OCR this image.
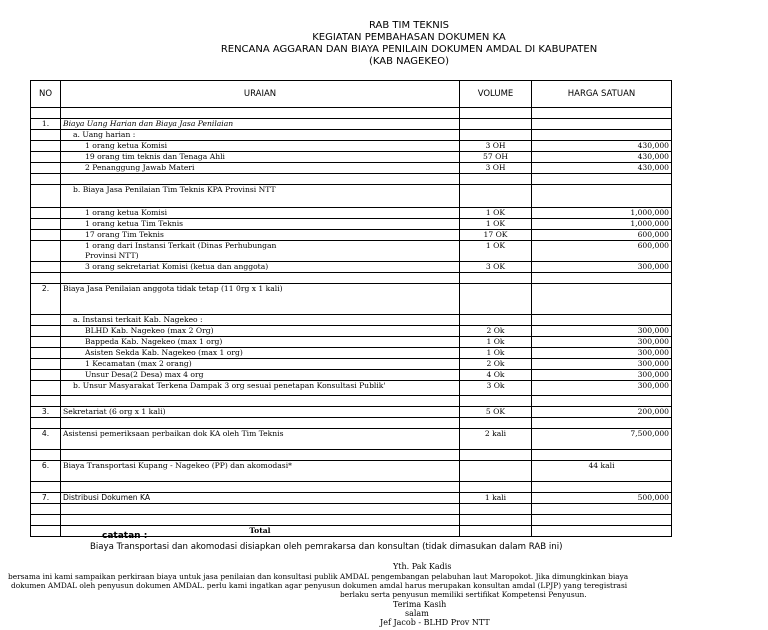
RAB TIM TEKNIS
KEGIATAN PEMBAHASAN DOKUMEN KA
RENCANA AGGARAN DAN BIAYA PENILAIN DOKUMEN AMDAL DI KABUPATEN
(KAB NAGEKEO)
NO	URAIAN	VOLUME	HARGA SATUAN

1.	Biaya Uang Harian dan Biaya Jasa Penilaian		
	a. Uang harian :		
	1 orang ketua Komisi	3 OH	430,000
	19 orang tim teknis dan Tenaga Ahli	57 OH	430,000
	2 Penanggung Jawab Materi	3 OH	430,000

	b. Biaya Jasa Penilaian Tim Teknis KPA Provinsi NTT		
	1 orang ketua Komisi	1 OK	1,000,000
	1 orang ketua Tim Teknis	1 OK	1,000,000
	17 orang Tim Teknis	17 OK	600,000

	1 orang dari Instansi Terkait (Dinas Perhubungan
Provinsi NTT)	1 OK	600,000
	3 orang sekretariat Komisi (ketua dan anggota)	3 OK	300,000

2.	Biaya Jasa Penilaian anggota tidak tetap (11 0rg x 1 kali)		
	a. Instansi terkait Kab. Nagekeo :		
	BLHD Kab. Nagekeo (max 2 Org)	2 Ok	300,000
	Bappeda Kab. Nagekeo (max 1 org)	1 Ok	300,000
	Asisten Sekda Kab. Nagekeo (max 1 org)	1 Ok	300,000
	1 Kecamatan (max 2 orang)	2 Ok	300,000
	Unsur Desa(2 Desa) max 4 org	4 Ok	300,000
	b. Unsur Masyarakat Terkena Dampak 3 org sesuai penetapan Konsultasi Publik'	3 Ok	300,000

3.	Sekretariat (6 org x 1 kali)	5 OK	200,000

4.	Asistensi pemeriksaan perbaikan dok KA oleh Tim Teknis	2 kali	7,500,000

6.	Biaya Transportasi Kupang - Nagekeo (PP) dan akomodasi*		44 kali

7.	Distribusi Dokumen KA	1 kali	500,000

	Total		
catatan :
Biaya Transportasi dan akomodasi disiapkan oleh pemrakarsa dan konsultan (tidak dimasukan dalam RAB ini)
Yth. Pak Kadis
bersama ini kami sampaikan perkiraan biaya untuk jasa penilaian dan konsultasi publik AMDAL pengembangan pelabuhan laut Maropokot. Jika dimungkinkan biaya
dokumen AMDAL oleh penyusun dokumen AMDAL. perlu kami ingatkan agar penyusun dokumen amdal harus merupakan konsultan amdal (LPJP) yang teregistrasi
berlaku serta penyusun memiliki sertifikat Kompetensi Penyusun.
Terima Kasih
salam
Jef Jacob - BLHD Prov NTT
